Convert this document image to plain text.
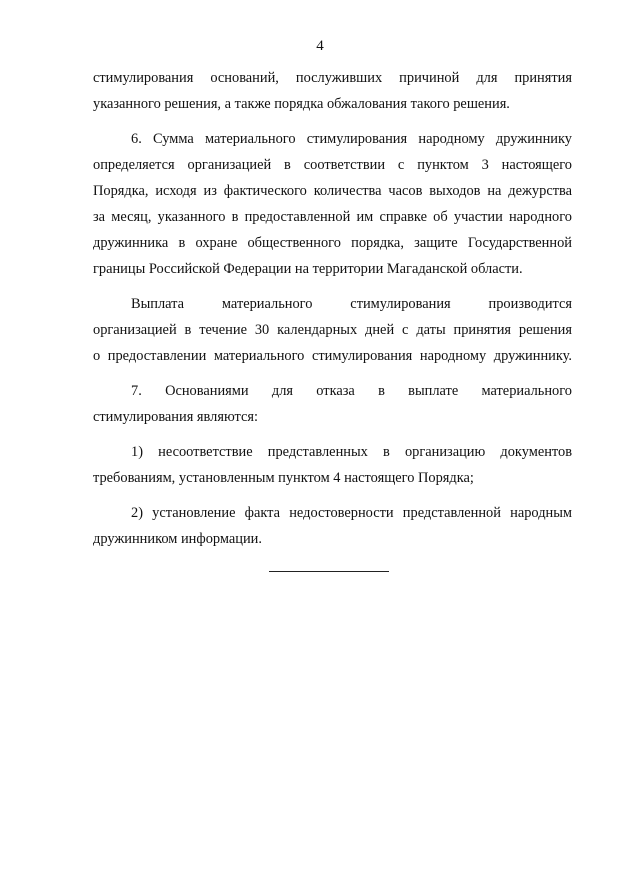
4

стимулирования оснований, послуживших причиной для принятия
указанного решения, а также порядка обжалования такого решения.

6. Сумма материального стимулирования народному дружиннику
определяется организацией в соответствии с пунктом 3 настоящего
Порядка, исходя из фактического количества часов выходов на дежурства
за месяц, указанного в предоставленной им справке об участии народного
дружинника в охране общественного порядка, защите Государственной
границы Российской Федерации на территории Магаданской области.

Выплата материального стимулирования производится
организацией в течение 30 календарных дней с даты принятия решения
о предоставлении материального стимулирования народному дружиннику.

7. Основаниями для отказа в выплате материального
стимулирования являются:

1) несоответствие представленных в организацию документов
требованиям, установленным пунктом 4 настоящего Порядка;

2) установление факта недостоверности представленной народным
дружинником информации.
